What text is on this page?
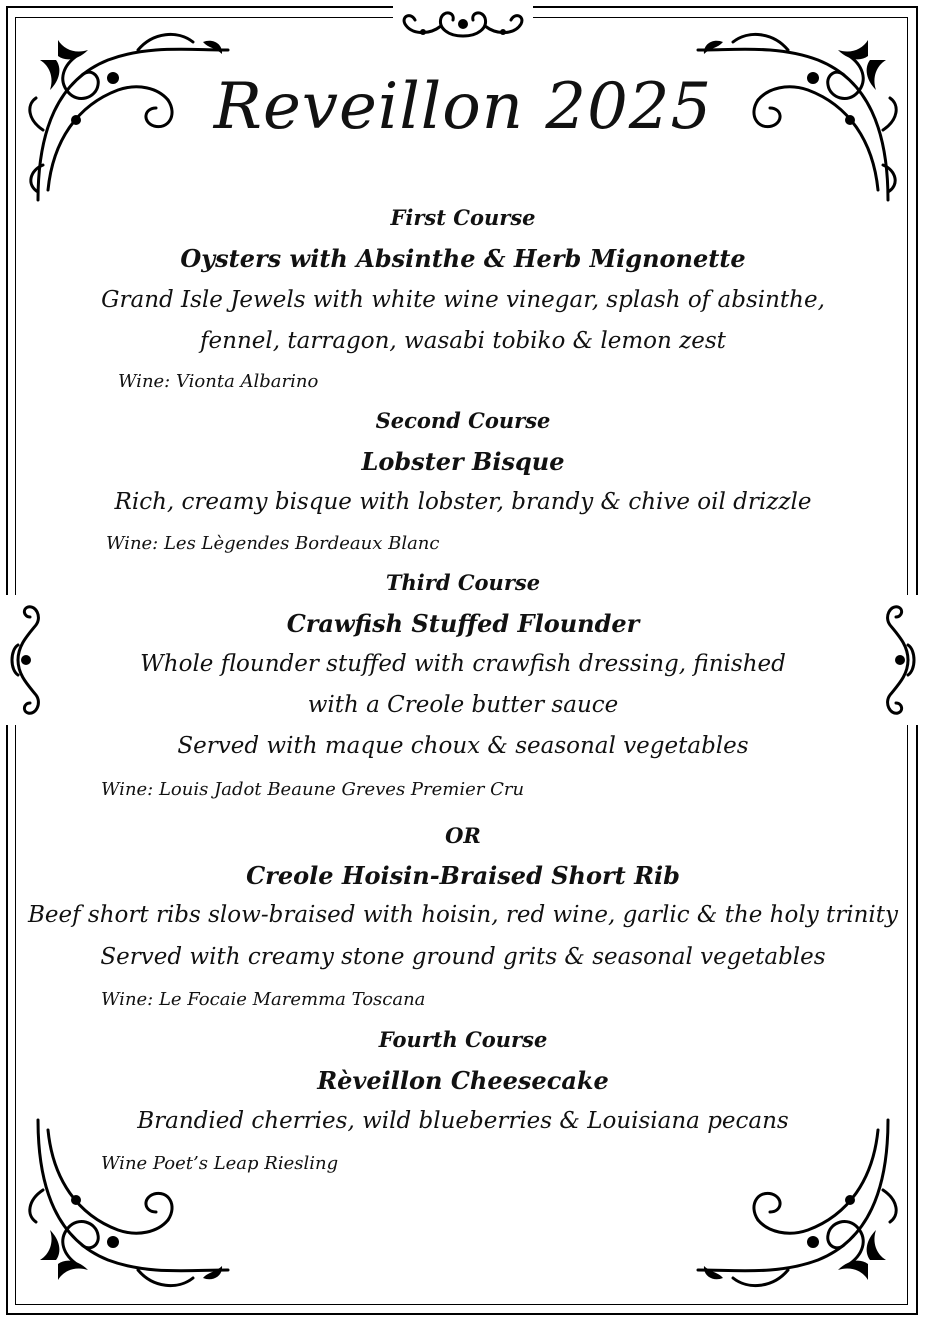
Reveillon 2025
First Course
Oysters with Absinthe & Herb Mignonette
Grand Isle Jewels with white wine vinegar, splash of absinthe,
fennel, tarragon, wasabi tobiko & lemon zest
Wine: Vionta Albarino
Second Course
Lobster Bisque
Rich, creamy bisque with lobster, brandy & chive oil drizzle
Wine: Les Lègendes Bordeaux Blanc
Third Course
Crawfish Stuffed Flounder
Whole flounder stuffed with crawfish dressing, finished
with a Creole butter sauce
Served with maque choux & seasonal vegetables
Wine: Louis Jadot Beaune Greves Premier Cru
OR
Creole Hoisin-Braised Short Rib
Beef short ribs slow-braised with hoisin, red wine, garlic & the holy trinity
Served with creamy stone ground grits & seasonal vegetables
Wine: Le Focaie Maremma Toscana
Fourth Course
Rèveillon Cheesecake
Brandied cherries, wild blueberries & Louisiana pecans
Wine Poet’s Leap Riesling
